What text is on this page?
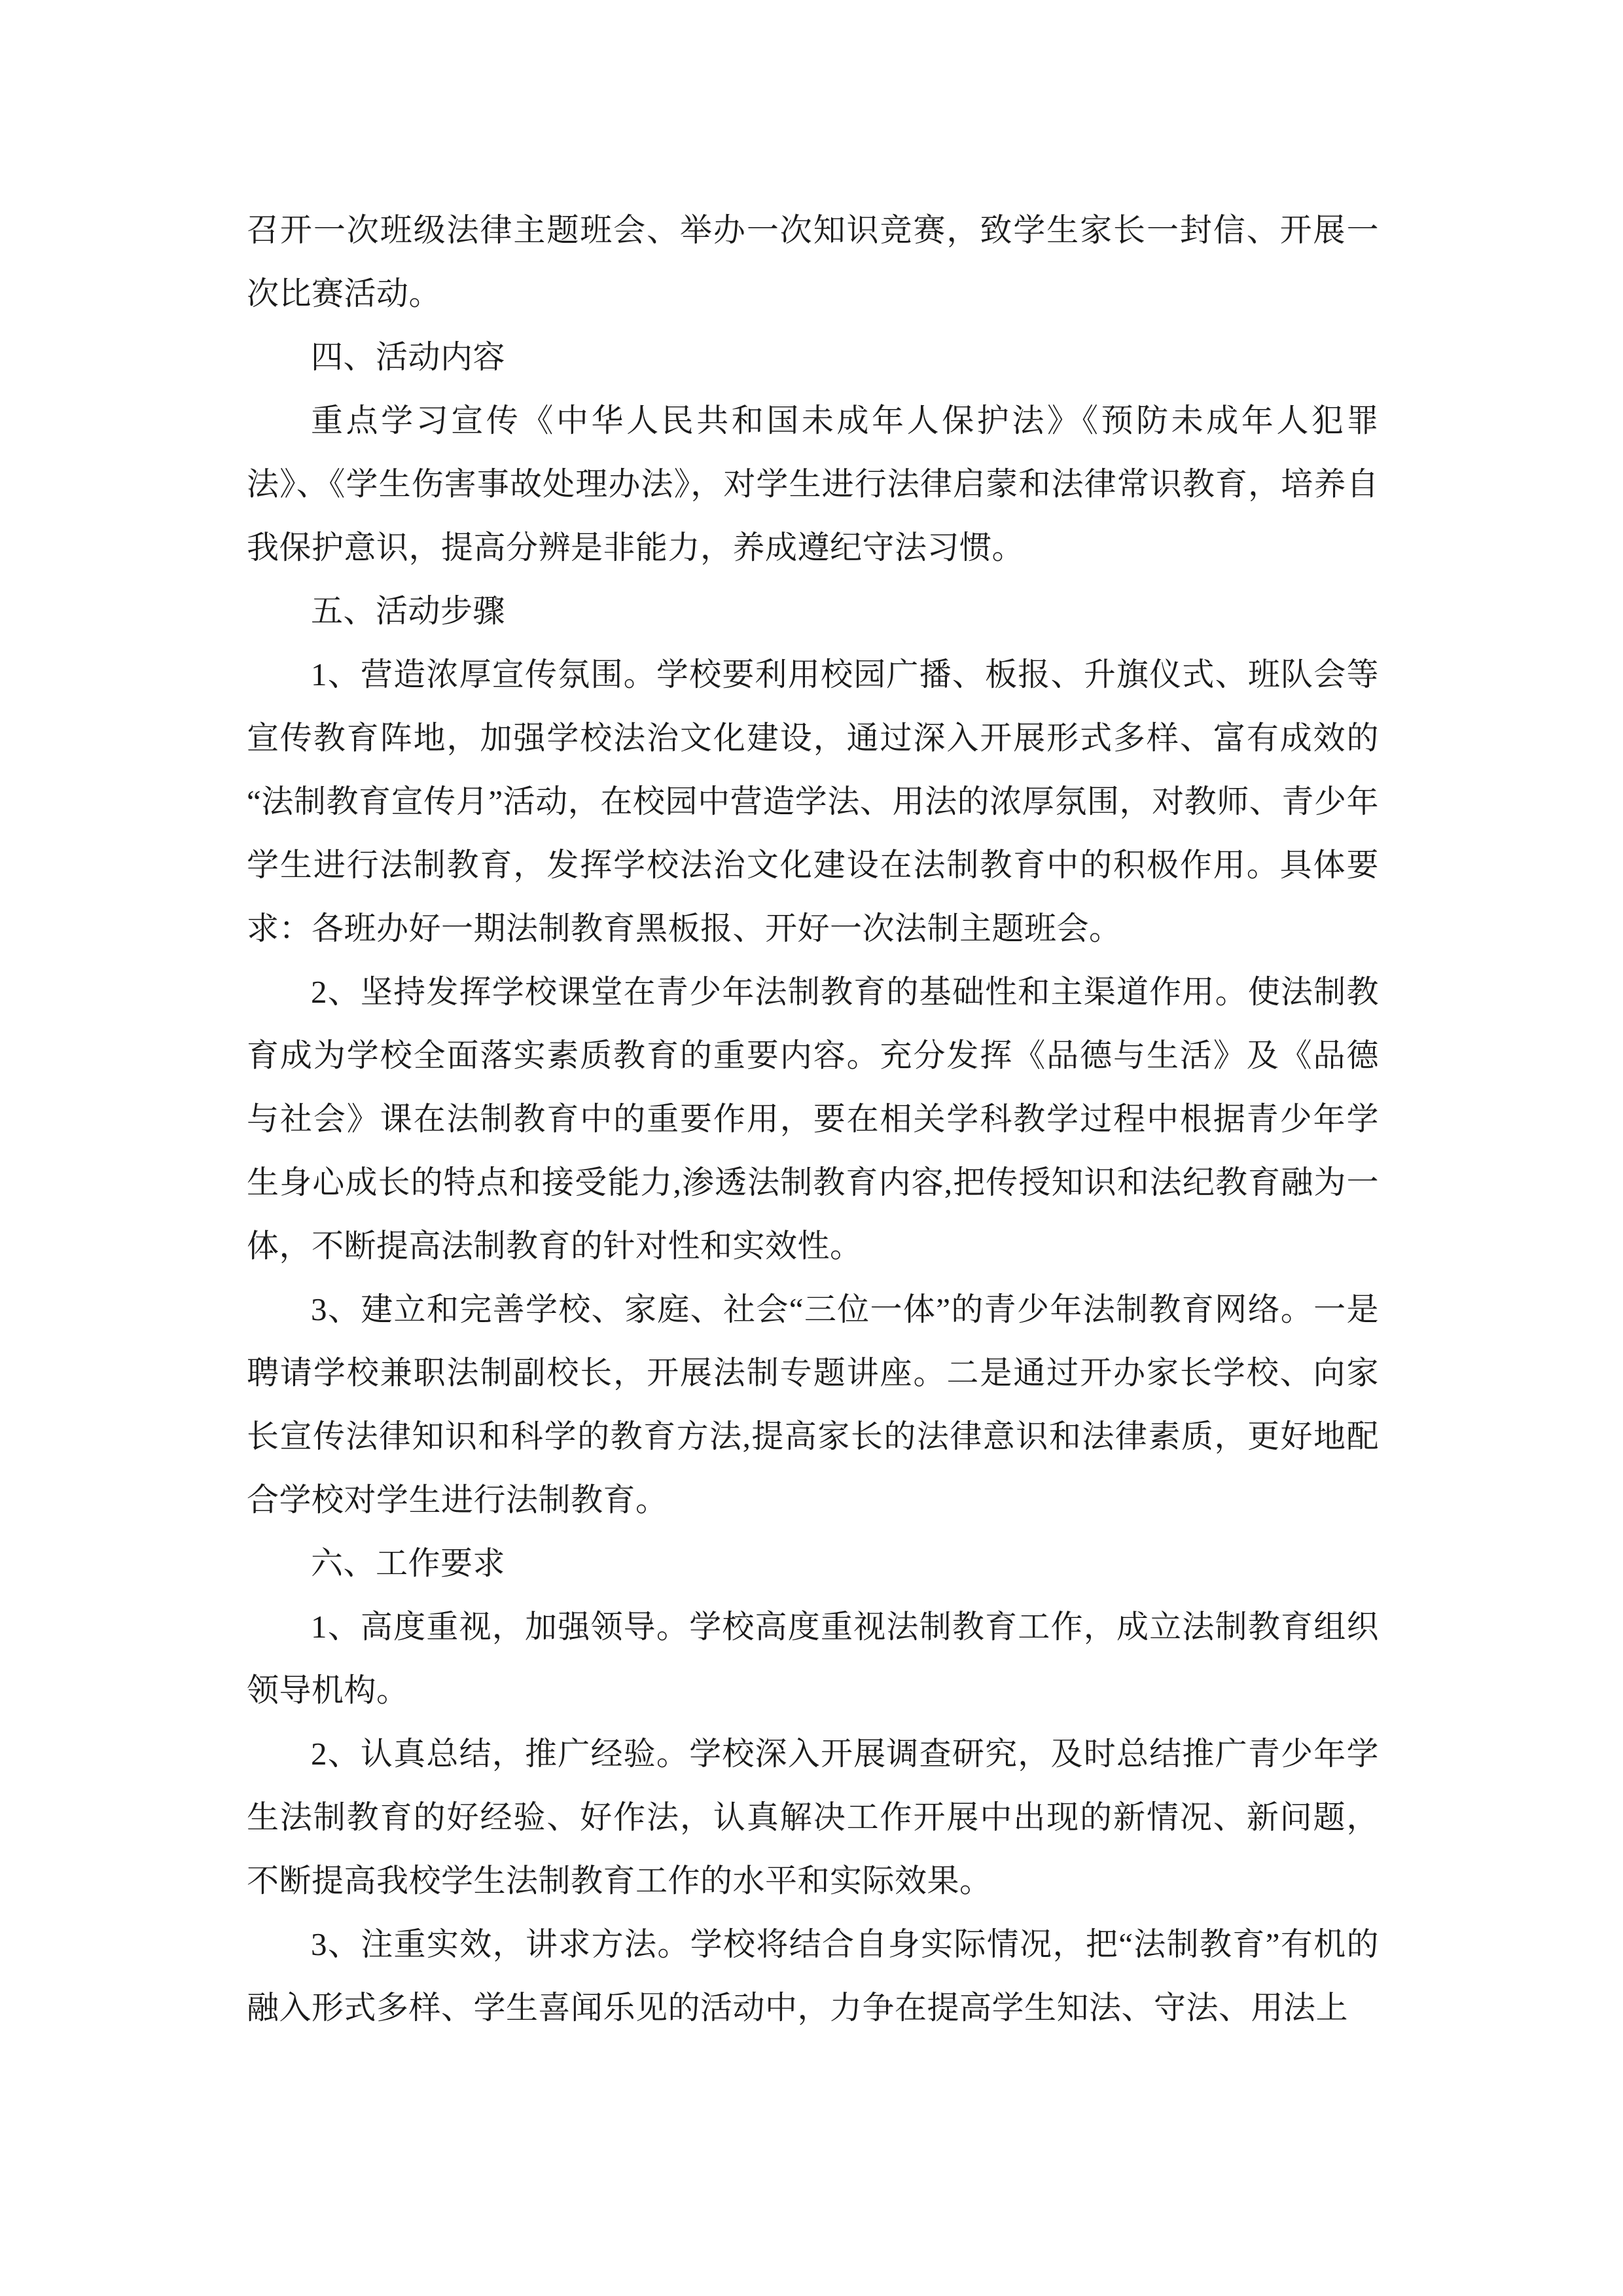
召开一次班级法律主题班会、举办一次知识竞赛，致学生家长一封信、开展一次比赛活动。

四、活动内容

重点学习宣传《中华人民共和国未成年人保护法》《预防未成年人犯罪法》、《学生伤害事故处理办法》，对学生进行法律启蒙和法律常识教育，培养自我保护意识，提高分辨是非能力，养成遵纪守法习惯。

五、活动步骤

1、营造浓厚宣传氛围。学校要利用校园广播、板报、升旗仪式、班队会等宣传教育阵地，加强学校法治文化建设，通过深入开展形式多样、富有成效的“法制教育宣传月”活动，在校园中营造学法、用法的浓厚氛围，对教师、青少年学生进行法制教育，发挥学校法治文化建设在法制教育中的积极作用。具体要求：各班办好一期法制教育黑板报、开好一次法制主题班会。

2、坚持发挥学校课堂在青少年法制教育的基础性和主渠道作用。使法制教育成为学校全面落实素质教育的重要内容。充分发挥《品德与生活》及《品德与社会》课在法制教育中的重要作用，要在相关学科教学过程中根据青少年学生身心成长的特点和接受能力,渗透法制教育内容,把传授知识和法纪教育融为一体，不断提高法制教育的针对性和实效性。

3、建立和完善学校、家庭、社会“三位一体”的青少年法制教育网络。一是聘请学校兼职法制副校长，开展法制专题讲座。二是通过开办家长学校、向家长宣传法律知识和科学的教育方法,提高家长的法律意识和法律素质，更好地配合学校对学生进行法制教育。

六、工作要求

1、高度重视，加强领导。学校高度重视法制教育工作，成立法制教育组织领导机构。

2、认真总结，推广经验。学校深入开展调查研究，及时总结推广青少年学生法制教育的好经验、好作法，认真解决工作开展中出现的新情况、新问题，不断提高我校学生法制教育工作的水平和实际效果。

3、注重实效，讲求方法。学校将结合自身实际情况，把“法制教育”有机的融入形式多样、学生喜闻乐见的活动中，力争在提高学生知法、守法、用法上
